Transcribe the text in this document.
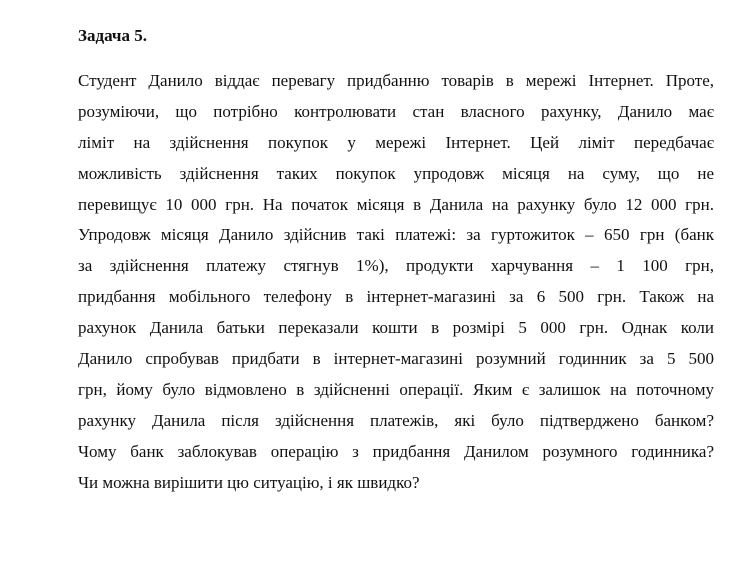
Задача 5.
Студент Данило віддає перевагу придбанню товарів в мережі Інтернет. Проте,
розуміючи, що потрібно контролювати стан власного рахунку, Данило має
ліміт на здійснення покупок у мережі Інтернет. Цей ліміт передбачає
можливість здійснення таких покупок упродовж місяця на суму, що не
перевищує 10 000 грн. На початок місяця в Данила на рахунку було 12 000 грн.
Упродовж місяця Данило здійснив такі платежі: за гуртожиток – 650 грн (банк
за здійснення платежу стягнув 1%), продукти харчування – 1 100 грн,
придбання мобільного телефону в інтернет-магазині за 6 500 грн. Також на
рахунок Данила батьки переказали кошти в розмірі 5 000 грн. Однак коли
Данило спробував придбати в інтернет-магазині розумний годинник за 5 500
грн, йому було відмовлено в здійсненні операції. Яким є залишок на поточному
рахунку Данила після здійснення платежів, які було підтверджено банком?
Чому банк заблокував операцію з придбання Данилом розумного годинника?
Чи можна вирішити цю ситуацію, і як швидко?
